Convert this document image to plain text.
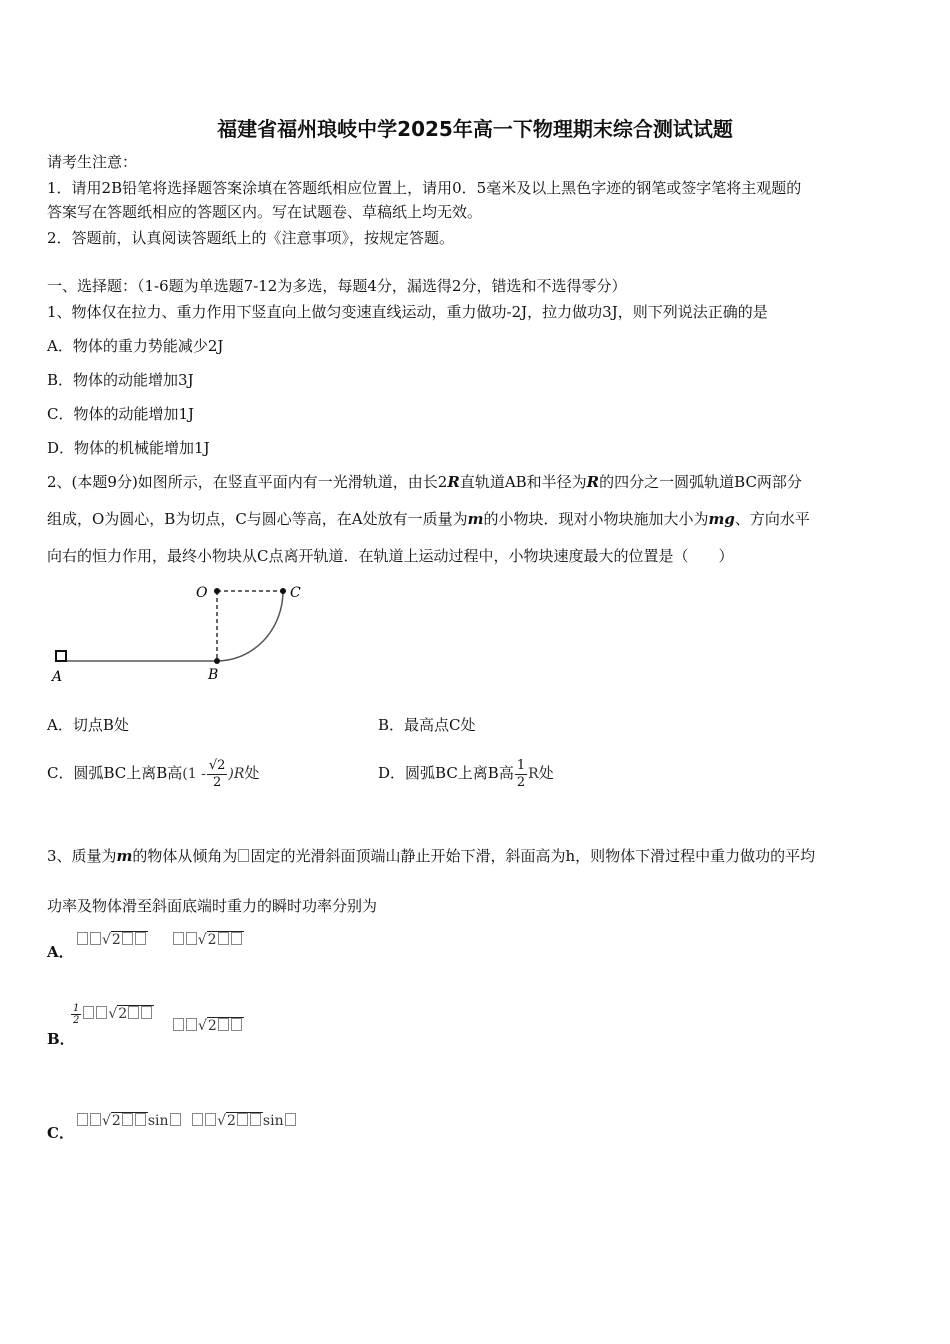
福建省福州琅岐中学2025年高一下物理期末综合测试试题
请考生注意：
1．请用2B铅笔将选择题答案涂填在答题纸相应位置上，请用0．5毫米及以上黑色字迹的钢笔或签字笔将主观题的
答案写在答题纸相应的答题区内。写在试题卷、草稿纸上均无效。
2．答题前，认真阅读答题纸上的《注意事项》，按规定答题。
一、选择题：（1-6题为单选题7-12为多选，每题4分，漏选得2分，错选和不选得零分）
1、物体仅在拉力、重力作用下竖直向上做匀变速直线运动，重力做功-2J，拉力做功3J，则下列说法正确的是
A．物体的重力势能减少2J
B．物体的动能增加3J
C．物体的动能增加1J
D．物体的机械能增加1J
2、(本题9分)如图所示，在竖直平面内有一光滑轨道，由长2R直轨道AB和半径为R的四分之一圆弧轨道BC两部分
组成，O为圆心，B为切点，C与圆心等高，在A处放有一质量为m的小物块．现对小物块施加大小为mg、方向水平
向右的恒力作用，最终小物块从C点离开轨道．在轨道上运动过程中，小物块速度最大的位置是（　　）
O	C
A	B
A．切点B处	B．最高点C处
C．圆弧BC上离B高$(1 - \frac{√2}{2} )R$处	D．圆弧BC上离B高 $\frac{1}{2}$ R处
3、质量为m的物体从倾角为 固定的光滑斜面顶端山静止开始下滑，斜面高为h，则物体下滑过程中重力做功的平均
功率及物体滑至斜面底端时重力的瞬时功率分别为
√2	√2
A．
$\frac{1}{2} √2$
√2
B．
√2 sin	√2 sin
C．
